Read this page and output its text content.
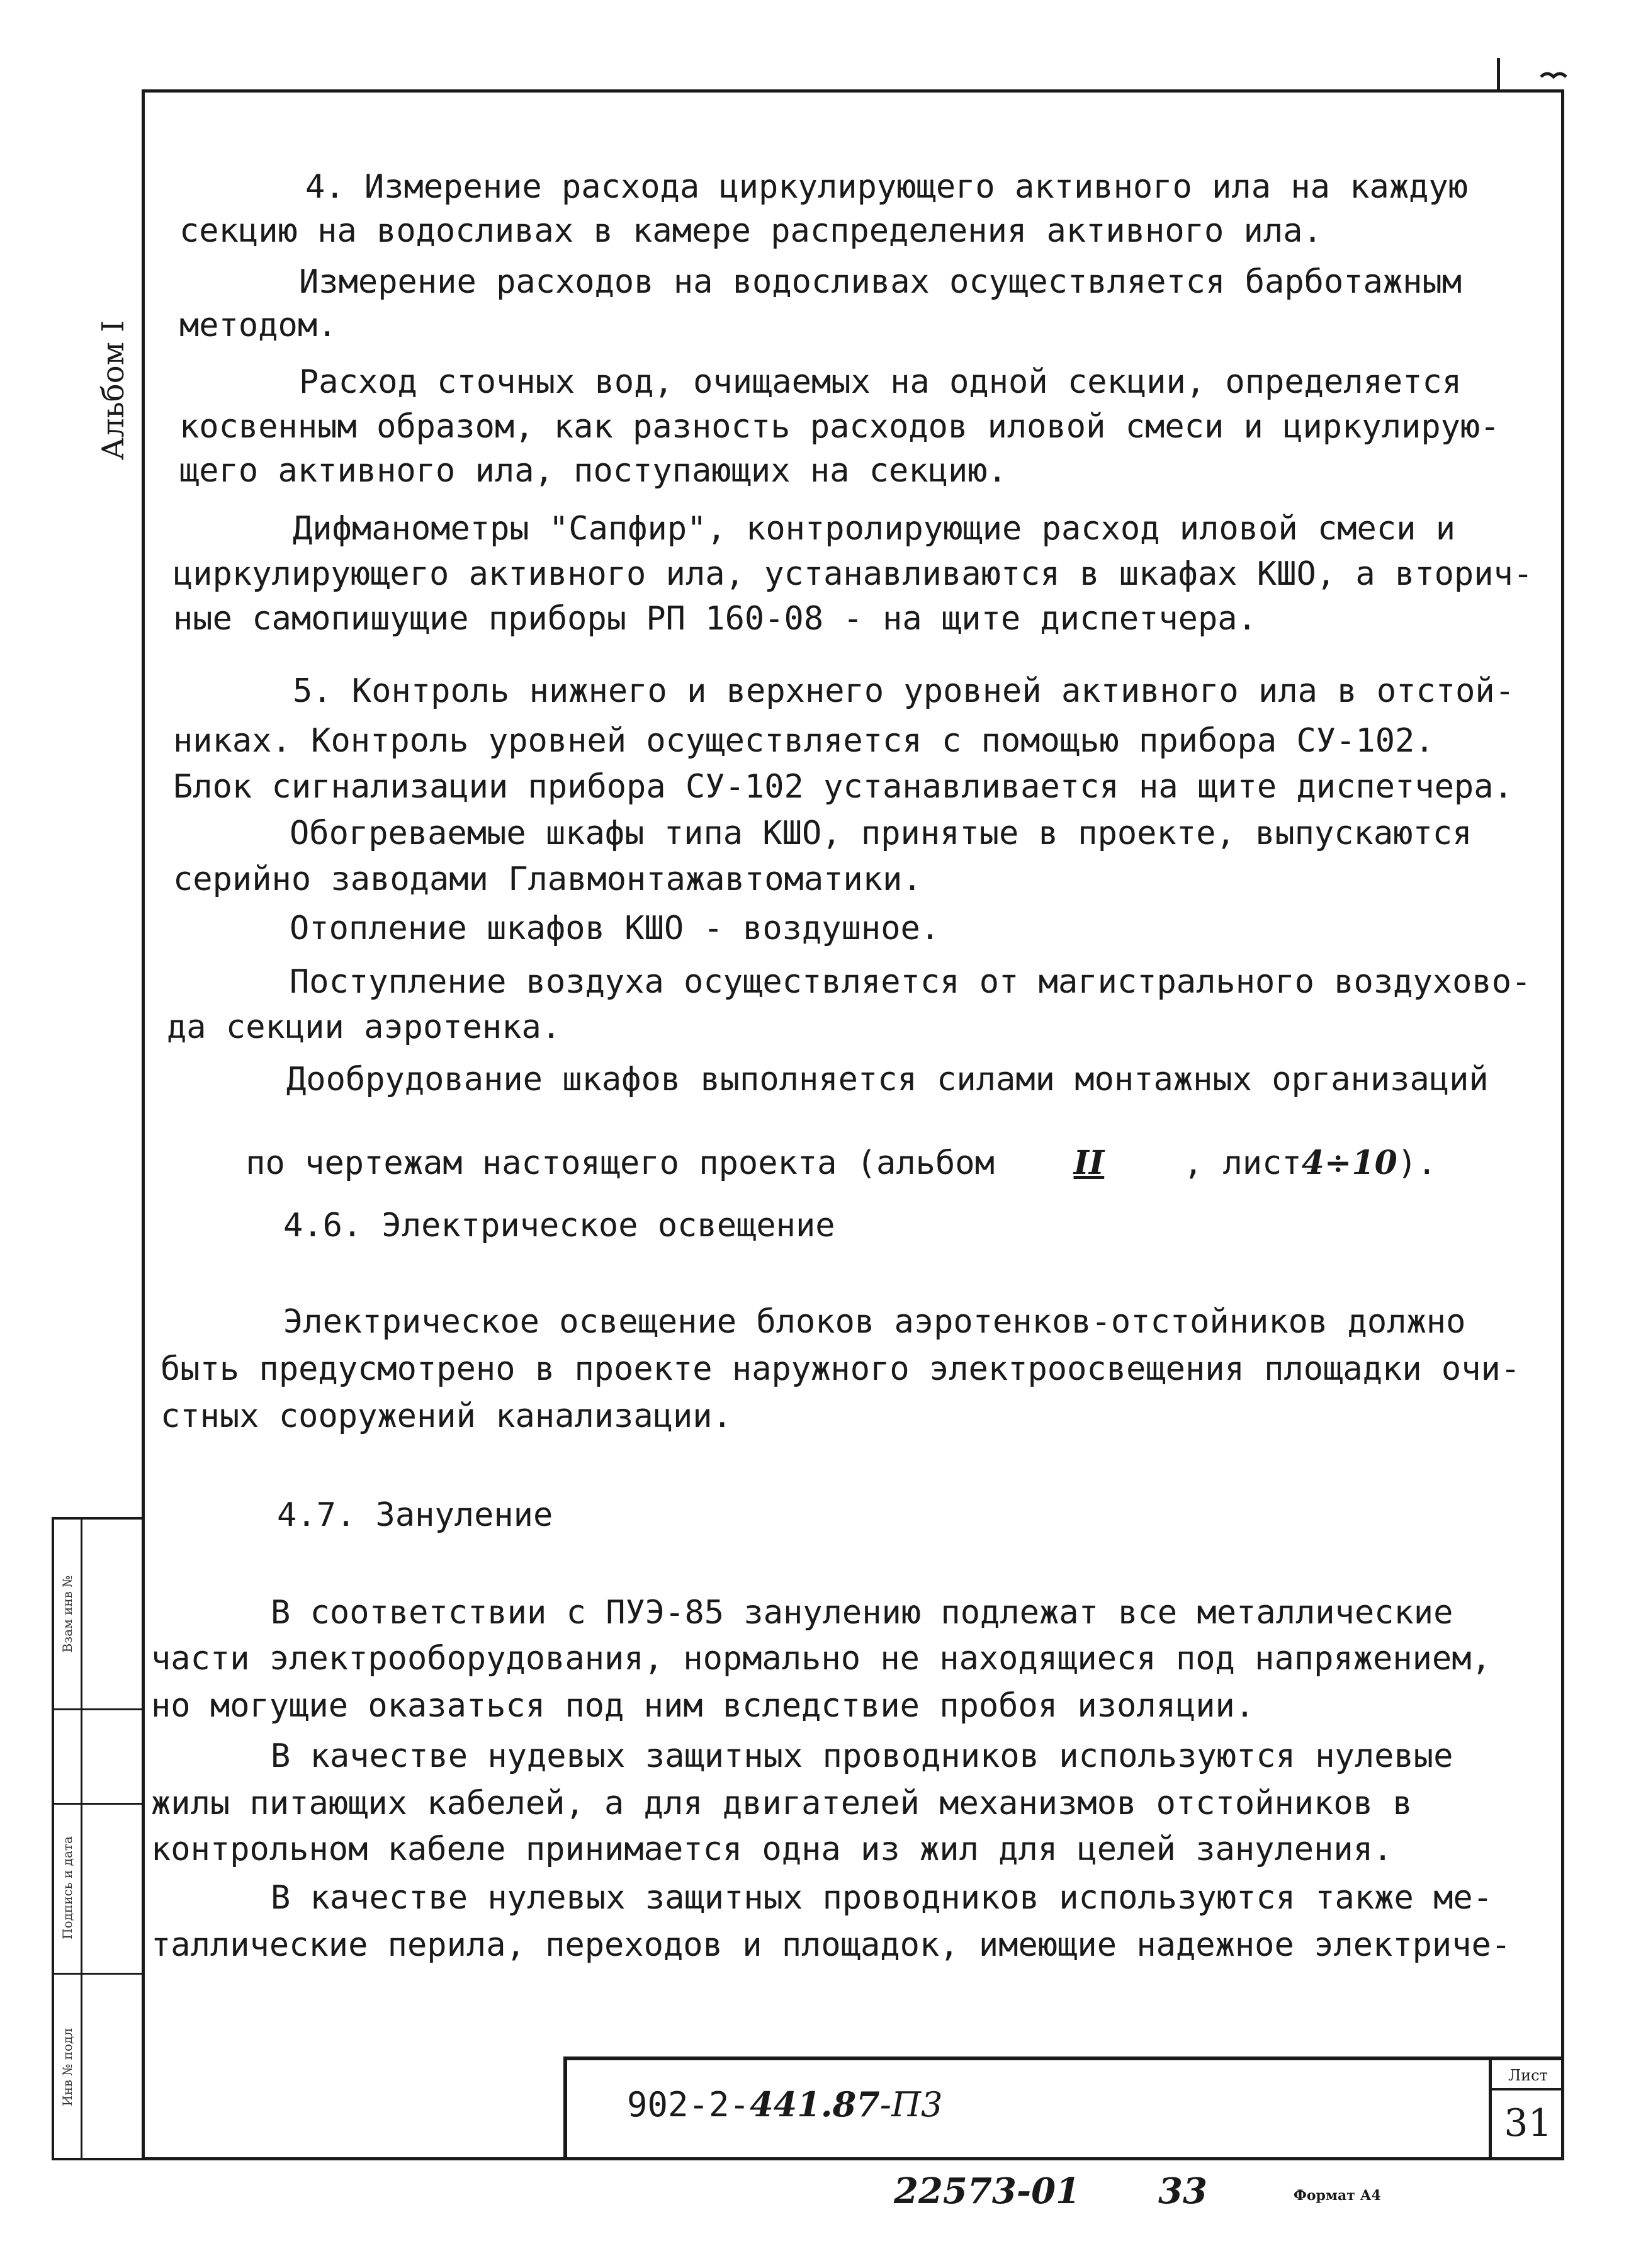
Альбом I
Взам инв №
Подпись и дата
Инв № подл
4. Измерение расхода циркулирующего активного ила на каждую
секцию на водосливах в камере распределения активного ила.
Измерение расходов на водосливах осуществляется барботажным
методом.
Расход сточных вод, очищаемых на одной секции, определяется
косвенным образом, как разность расходов иловой смеси и циркулирую-
щего активного ила, поступающих на секцию.
Дифманометры "Сапфир", контролирующие расход иловой смеси и
циркулирующего активного ила, устанавливаются в шкафах КШО, а вторич-
ные самопишущие приборы РП 160-08 - на щите диспетчера.
5. Контроль нижнего и верхнего уровней активного ила в отстой-
никах. Контроль уровней осуществляется с помощью прибора СУ-102.
Блок сигнализации прибора СУ-102 устанавливается на щите диспетчера.
Обогреваемые шкафы типа КШО, принятые в проекте, выпускаются
серийно заводами Главмонтажавтоматики.
Отопление шкафов КШО - воздушное.
Поступление воздуха осуществляется от магистрального воздухово-
да секции аэротенка.
Дообрудование шкафов выполняется силами монтажных организаций

по чертежам настоящего проекта (альбом II , лист4÷10).

4.6. Электрическое освещение
Электрическое освещение блоков аэротенков-отстойников должно
быть предусмотрено в проекте наружного электроосвещения площадки очи-
стных сооружений канализации.
4.7. Зануление
В соответствии с ПУЭ-85 занулению подлежат все металлические
части электрооборудования, нормально не находящиеся под напряжением,
но могущие оказаться под ним вследствие пробоя изоляции.
В качестве нудевых защитных проводников используются нулевые
жилы питающих кабелей, а для двигателей механизмов отстойников в
контрольном кабеле принимается одна из жил для целей зануления.
В качестве нулевых защитных проводников используются также ме-
таллические перила, переходов и площадок, имеющие надежное электриче-
902-2-441.87-П3
Лист
31
22573-01 33	Формат А4
